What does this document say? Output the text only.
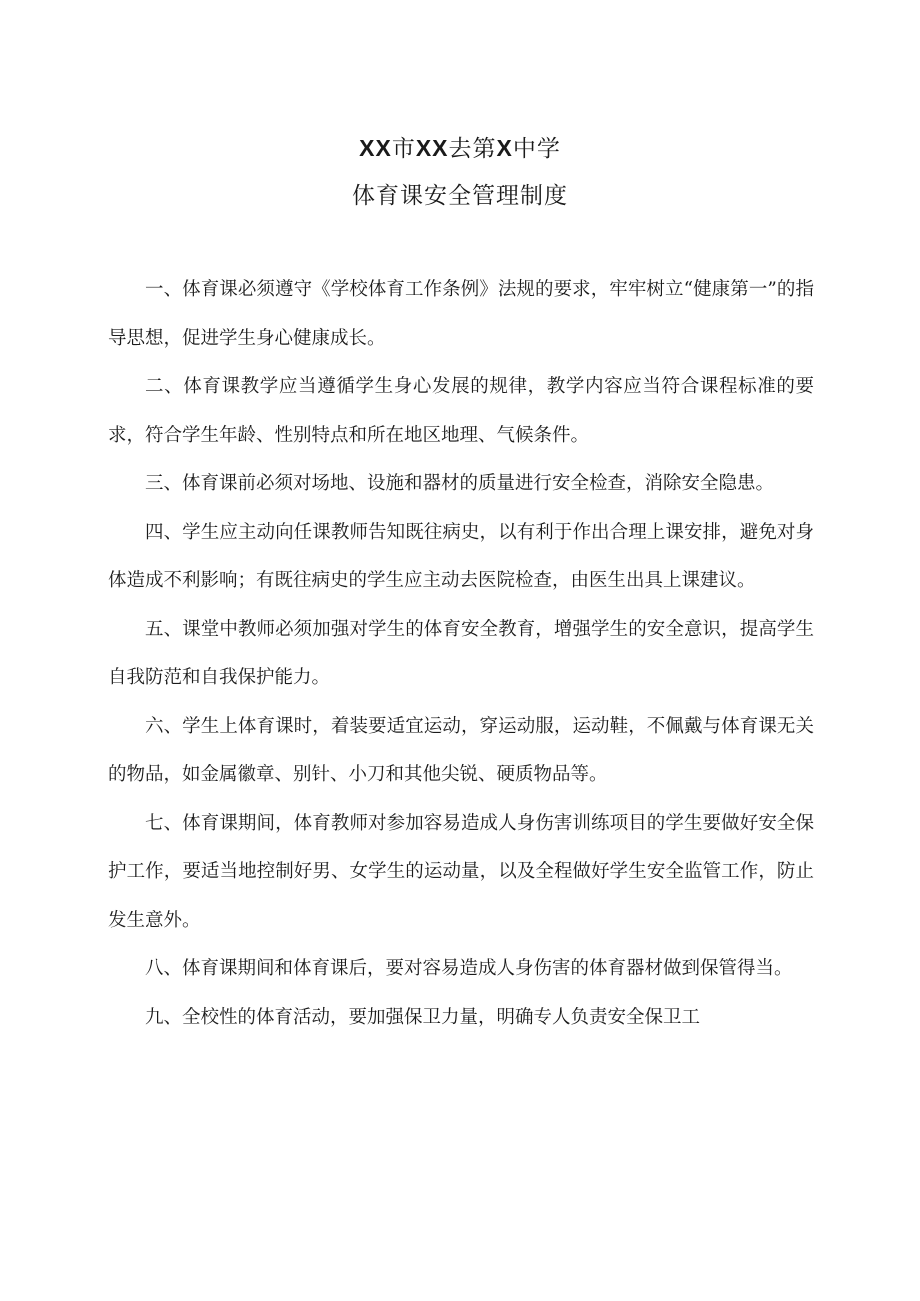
XX市XX去第X中学
体育课安全管理制度

一、体育课必须遵守《学校体育工作条例》法规的要求，牢牢树立“健康第一”的指导思想，促进学生身心健康成长。

二、体育课教学应当遵循学生身心发展的规律，教学内容应当符合课程标准的要求，符合学生年龄、性别特点和所在地区地理、气候条件。

三、体育课前必须对场地、设施和器材的质量进行安全检查，消除安全隐患。

四、学生应主动向任课教师告知既往病史，以有利于作出合理上课安排，避免对身体造成不利影响；有既往病史的学生应主动去医院检查，由医生出具上课建议。

五、课堂中教师必须加强对学生的体育安全教育，增强学生的安全意识，提高学生自我防范和自我保护能力。

六、学生上体育课时，着装要适宜运动，穿运动服，运动鞋，不佩戴与体育课无关的物品，如金属徽章、别针、小刀和其他尖锐、硬质物品等。

七、体育课期间，体育教师对参加容易造成人身伤害训练项目的学生要做好安全保护工作，要适当地控制好男、女学生的运动量，以及全程做好学生安全监管工作，防止发生意外。

八、体育课期间和体育课后，要对容易造成人身伤害的体育器材做到保管得当。

九、全校性的体育活动，要加强保卫力量，明确专人负责安全保卫工
